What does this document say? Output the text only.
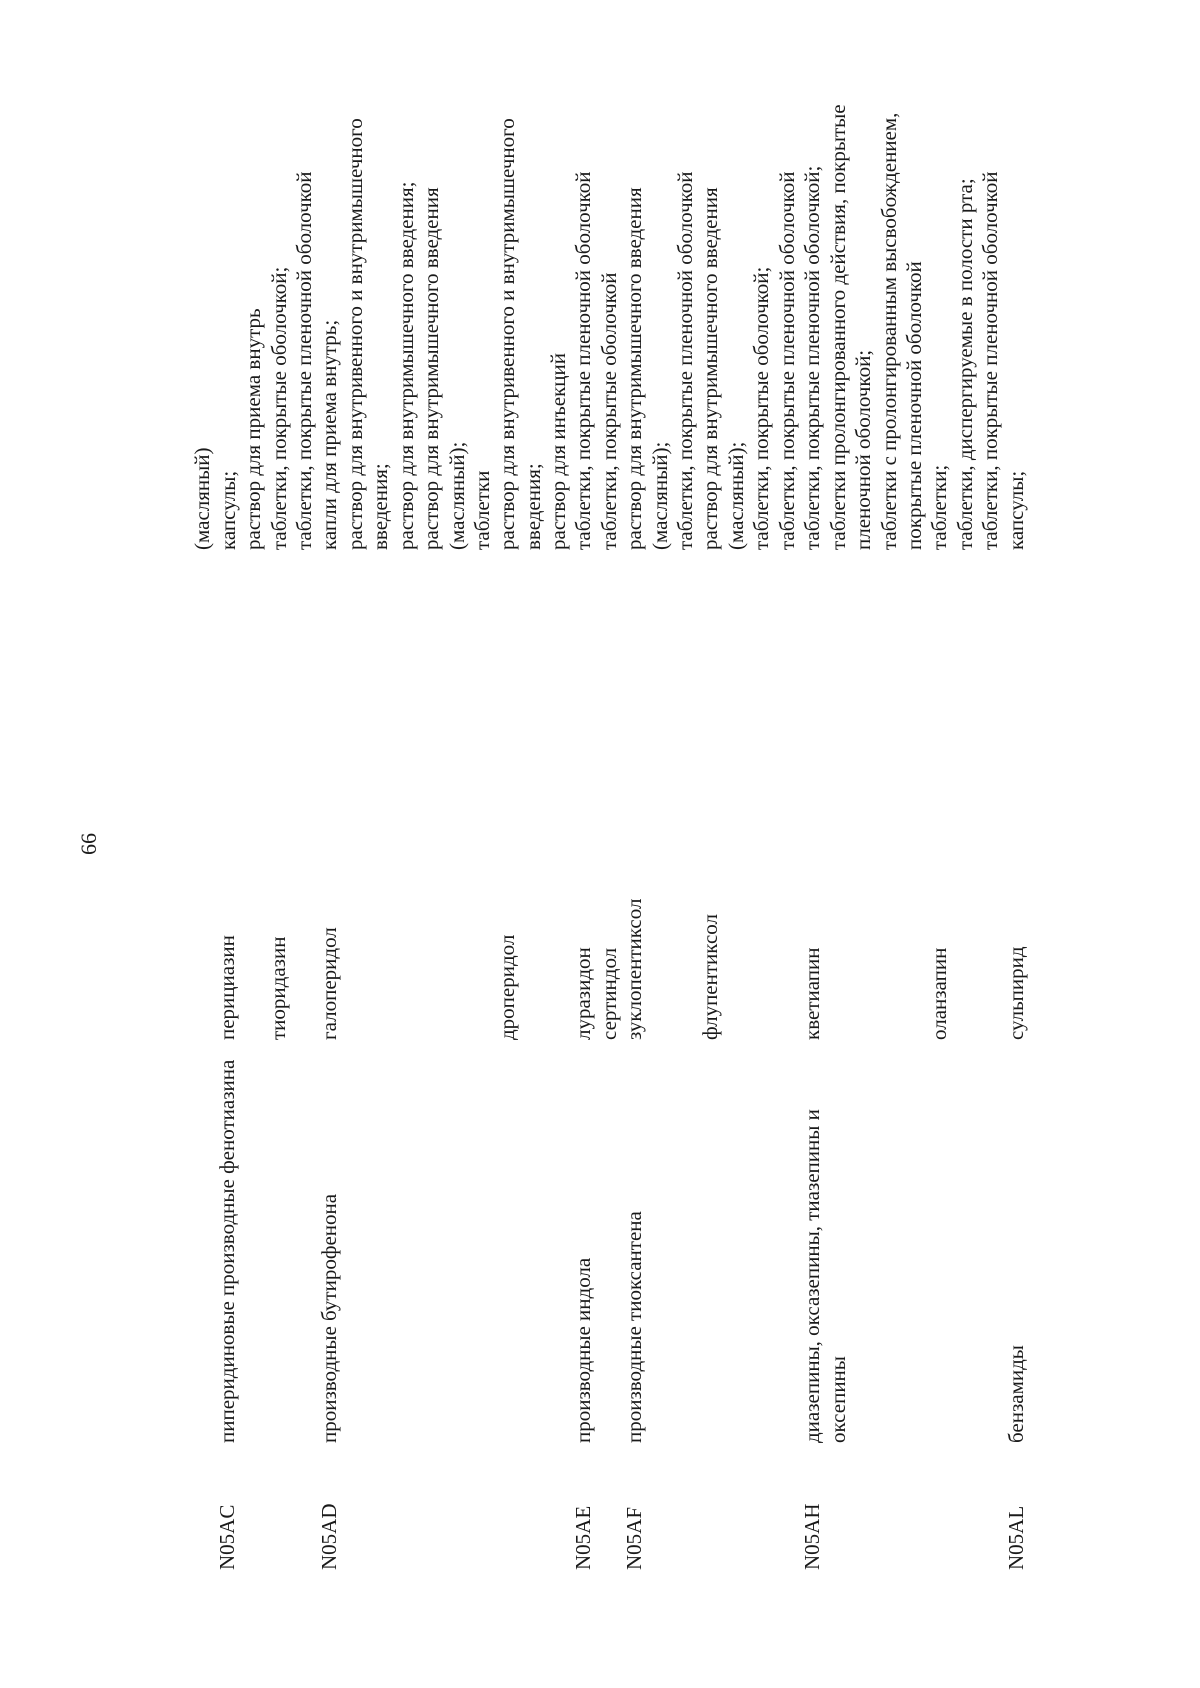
66
(масляный) капсулы; раствор для приема внутрь таблетки, покрытые оболочкой; таблетки, покрытые пленочной оболочкой
N05AC
пиперидиновые производные фенотиазина
перициазин тиоридазин
N05AD
производные бутирофенона
галоперидол
капли для приема внутрь; раствор для внутривенного и внутримышечного введения; раствор для внутримышечного введения; раствор для внутримышечного введения (масляный); таблетки
дроперидол
раствор для внутривенного и внутримышечного введения; раствор для инъекций
N05AE
производные индола
луразидон сертиндол
таблетки, покрытые пленочной оболочкой таблетки, покрытые оболочкой
N05AF
производные тиоксантена
зуклопентиксол
раствор для внутримышечного введения (масляный); таблетки, покрытые пленочной оболочкой
флупентиксол
раствор для внутримышечного введения (масляный); таблетки, покрытые оболочкой; таблетки, покрытые пленочной оболочкой
N05AH
диазепины, оксазепины, тиазепины и оксепины
кветиапин
таблетки, покрытые пленочной оболочкой; таблетки пролонгированного действия, покрытые пленочной оболочкой; таблетки с пролонгированным высвобождением, покрытые пленочной оболочкой
оланзапин
таблетки; таблетки, диспергируемые в полости рта; таблетки, покрытые пленочной оболочкой
N05AL
бензамиды
сульпирид
капсулы;
